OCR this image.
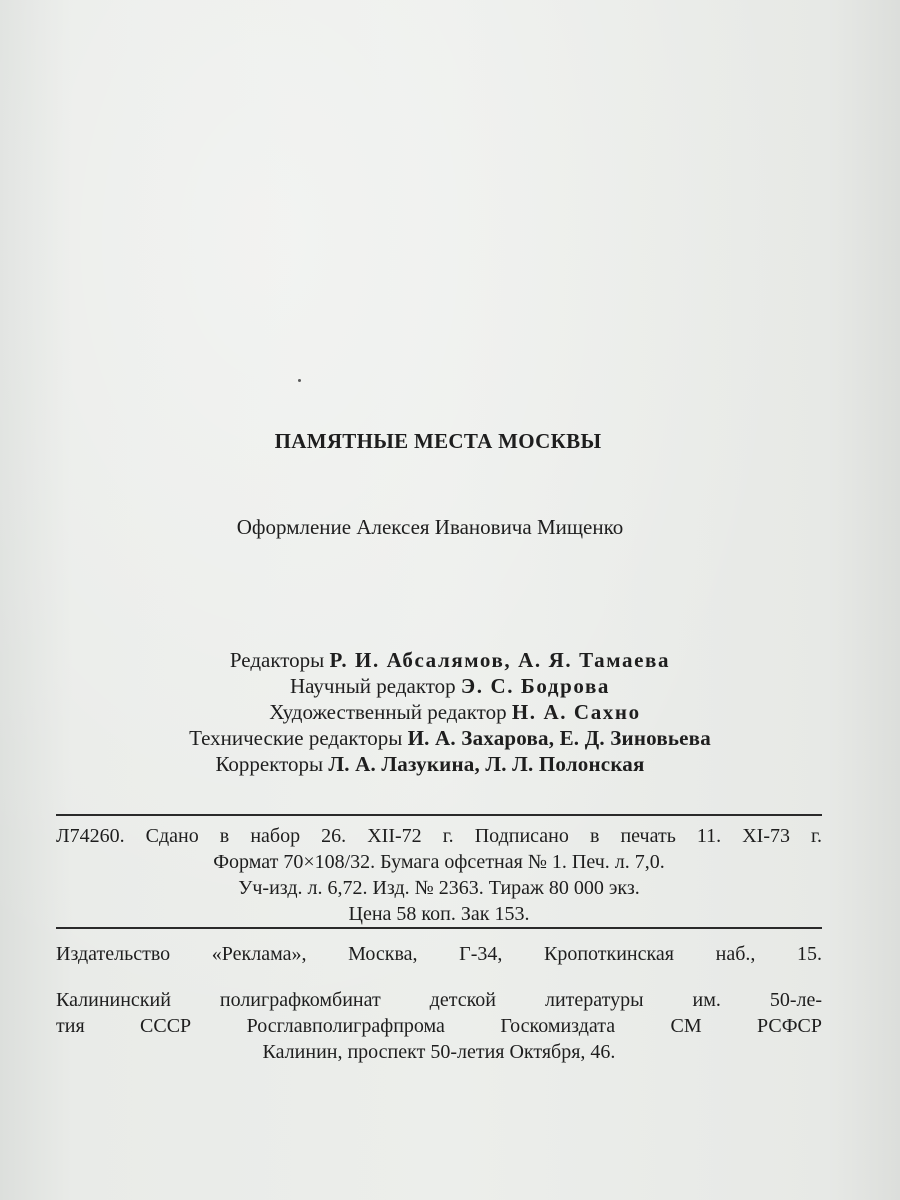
ПАМЯТНЫЕ МЕСТА МОСКВЫ
Оформление Алексея Ивановича Мищенко
Редакторы Р. И. Абсалямов, А. Я. Тамаева
Научный редактор Э. С. Бодрова
Художественный редактор Н. А. Сахно
Технические редакторы И. А. Захарова, Е. Д. Зиновьева
Корректоры Л. А. Лазукина, Л. Л. Полонская
Л74260. Сдано в набор 26. XII-72 г. Подписано в печать 11. XI-73 г.
Формат 70×108/32. Бумага офсетная № 1. Печ. л. 7,0.
Уч-изд. л. 6,72. Изд. № 2363. Тираж 80 000 экз.
Цена 58 коп. Зак 153.
Издательство «Реклама», Москва, Г-34, Кропоткинская наб., 15.
Калининский полиграфкомбинат детской литературы им. 50-ле-
тия СССР Росглавполиграфпрома Госкомиздата СМ РСФСР
Калинин, проспект 50-летия Октября, 46.
